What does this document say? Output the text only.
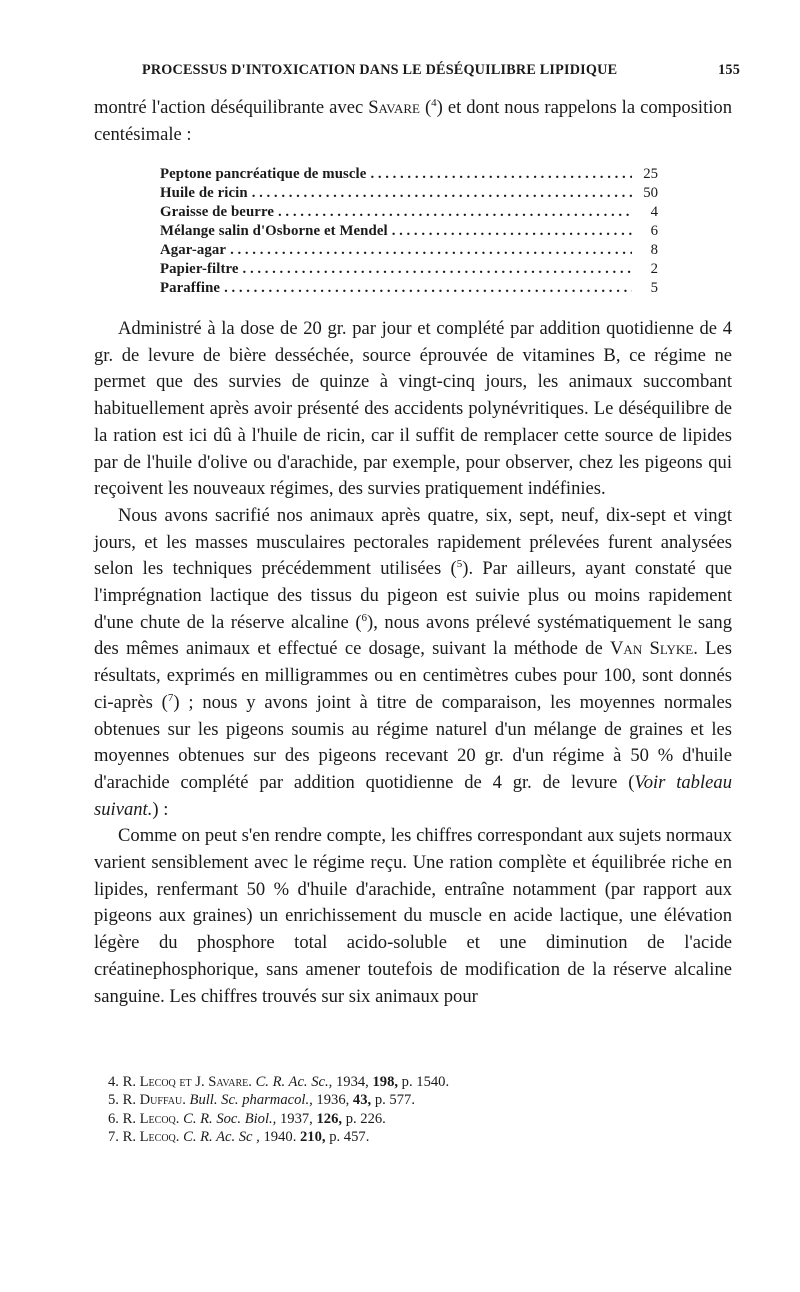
PROCESSUS D'INTOXICATION DANS LE DÉSÉQUILIBRE LIPIDIQUE	155

montré l'action déséquilibrante avec Savare ($^4$) et dont nous rappelons la composition centésimale :

Peptone pancréatique de muscle . . .	25
Huile de ricin . . .	50
Graisse de beurre . . .	4
Mélange salin d'Osborne et Mendel . . .	6
Agar-agar . . .	8
Papier-filtre . . .	2
Paraffine . . .	5

Administré à la dose de 20 gr. par jour et complété par addition quotidienne de 4 gr. de levure de bière desséchée, source éprouvée de vitamines B, ce régime ne permet que des survies de quinze à vingt-cinq jours, les animaux succombant habituellement après avoir présenté des accidents polynévritiques. Le déséquilibre de la ration est ici dû à l'huile de ricin, car il suffit de remplacer cette source de lipides par de l'huile d'olive ou d'arachide, par exemple, pour observer, chez les pigeons qui reçoivent les nouveaux régimes, des survies pratiquement indéfinies.

Nous avons sacrifié nos animaux après quatre, six, sept, neuf, dix-sept et vingt jours, et les masses musculaires pectorales rapidement prélevées furent analysées selon les techniques précédemment utilisées ($^5$). Par ailleurs, ayant constaté que l'imprégnation lactique des tissus du pigeon est suivie plus ou moins rapidement d'une chute de la réserve alcaline ($^6$), nous avons prélevé systématiquement le sang des mêmes animaux et effectué ce dosage, suivant la méthode de Van Slyke. Les résultats, exprimés en milligrammes ou en centimètres cubes pour 100, sont donnés ci-après ($^7$) ; nous y avons joint à titre de comparaison, les moyennes normales obtenues sur les pigeons soumis au régime naturel d'un mélange de graines et les moyennes obtenues sur des pigeons recevant 20 gr. d'un régime à 50 % d'huile d'arachide complété par addition quotidienne de 4 gr. de levure (Voir tableau suivant.) :

Comme on peut s'en rendre compte, les chiffres correspondant aux sujets normaux varient sensiblement avec le régime reçu. Une ration complète et équilibrée riche en lipides, renfermant 50 % d'huile d'arachide, entraîne notamment (par rapport aux pigeons aux graines) un enrichissement du muscle en acide lactique, une élévation légère du phosphore total acido-soluble et une diminution de l'acide créatinephosphorique, sans amener toutefois de modification de la réserve alcaline sanguine. Les chiffres trouvés sur six animaux pour

4. R. Lecoq et J. Savare. C. R. Ac. Sc., 1934, 198, p. 1540.
5. R. Duffau. Bull. Sc. pharmacol., 1936, 43, p. 577.
6. R. Lecoq. C. R. Soc. Biol., 1937, 126, p. 226.
7. R. Lecoq. C. R. Ac. Sc , 1940. 210, p. 457.
